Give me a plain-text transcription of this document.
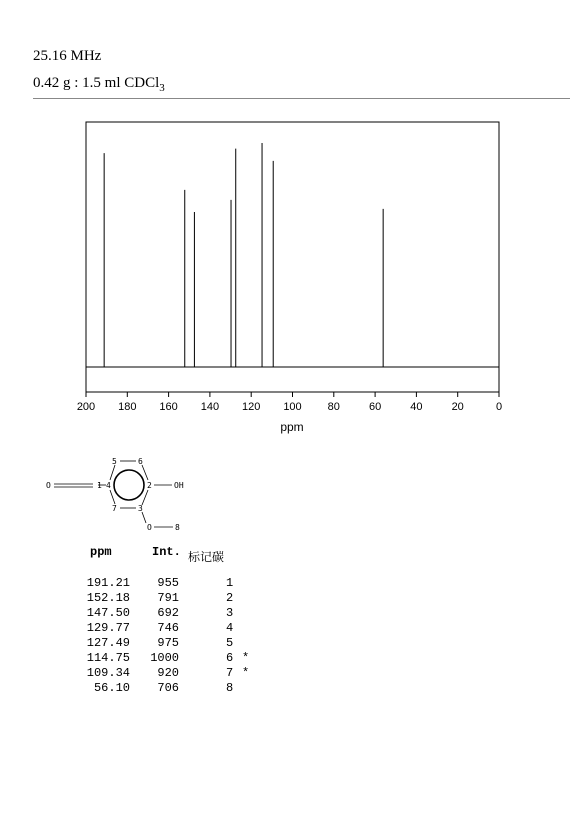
25.16 MHz
0.42 g : 1.5 ml CDCl$_3$
200 180 160 140 120 100 80	60	40	20	0
ppm
O	1 4
5	6
2	OH
7	3
O	8
ppm	Int. 标记碳
191.21	955	1
152.18	791	2
147.50	692	3
129.77	746	4
127.49	975	5
114.75	1000	6 *
109.34	920	7 *
56.10	706	8
